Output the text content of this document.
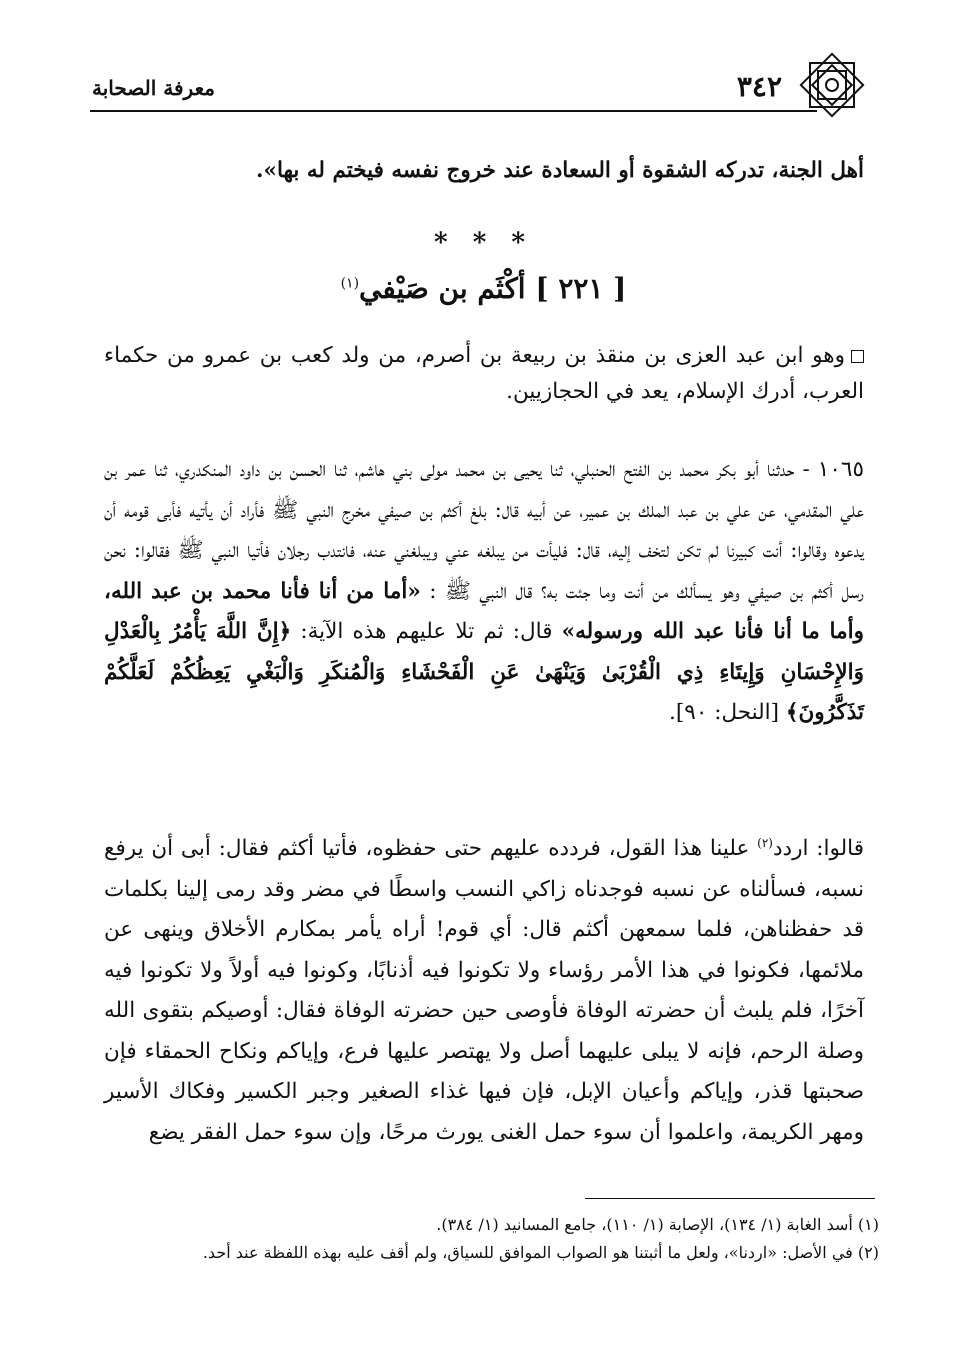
٣٤٢
معرفة الصحابة
أهل الجنة، تدركه الشقوة أو السعادة عند خروج نفسه فيختم له بها».
* * *
[ ٢٢١ ] أكْثَم بن صَيْفي$^{(١)}$
وهو ابن عبد العزى بن منقذ بن ربيعة بن أصرم، من ولد كعب بن عمرو من حكماء العرب، أدرك الإسلام، يعد في الحجازيين.
١٠٦٥ - حدثنا أبو بكر محمد بن الفتح الحنبلي، ثنا يحيى بن محمد مولى بني هاشم، ثنا الحسن بن داود المنكدري، ثنا عمر بن علي المقدمي، عن علي بن عبد الملك بن عمير، عن أبيه قال: بلغ أكثم بن صيفي مخرج النبي ﷺ فأراد أن يأتيه فأبى قومه أن يدعوه وقالوا: أنت كبيرنا لم تكن لتخف إليه، قال: فليأت من يبلغه عني ويبلغني عنه، فانتدب رجلان فأتيا النبي ﷺ فقالوا: نحن رسل أكثم بن صيفي وهو يسألك من أنت وما جئت به؟ قال النبي ﷺ : «أما من أنا فأنا محمد بن عبد الله، وأما ما أنا فأنا عبد الله ورسوله» قال: ثم تلا عليهم هذه الآية: ﴿إِنَّ اللَّهَ يَأْمُرُ بِالْعَدْلِ وَالإِحْسَانِ وَإِيتَاءِ ذِي الْقُرْبَىٰ وَيَنْهَىٰ عَنِ الْفَحْشَاءِ وَالْمُنكَرِ وَالْبَغْيِ يَعِظُكُمْ لَعَلَّكُمْ تَذَكَّرُونَ﴾ [النحل: ٩٠].
قالوا: اردد$^{(٢)}$ علينا هذا القول، فردده عليهم حتى حفظوه، فأتيا أكثم فقال: أبى أن يرفع نسبه، فسألناه عن نسبه فوجدناه زاكي النسب واسطًا في مضر وقد رمى إلينا بكلمات قد حفظناهن، فلما سمعهن أكثم قال: أي قوم! أراه يأمر بمكارم الأخلاق وينهى عن ملائمها، فكونوا في هذا الأمر رؤساء ولا تكونوا فيه أذنابًا، وكونوا فيه أولاً ولا تكونوا فيه آخرًا، فلم يلبث أن حضرته الوفاة فأوصى حين حضرته الوفاة فقال: أوصيكم بتقوى الله وصلة الرحم، فإنه لا يبلى عليهما أصل ولا يهتصر عليها فرع، وإياكم ونكاح الحمقاء فإن صحبتها قذر، وإياكم وأعيان الإبل، فإن فيها غذاء الصغير وجبر الكسير وفكاك الأسير ومهر الكريمة، واعلموا أن سوء حمل الغنى يورث مرحًا، وإن سوء حمل الفقر يضع

(١) أسد الغابة (١/ ١٣٤)، الإصابة (١/ ١١٠)، جامع المسانيد (١/ ٣٨٤).

(٢) في الأصل: «اردنا»، ولعل ما أثبتنا هو الصواب الموافق للسياق، ولم أقف عليه بهذه اللفظة عند أحد.
